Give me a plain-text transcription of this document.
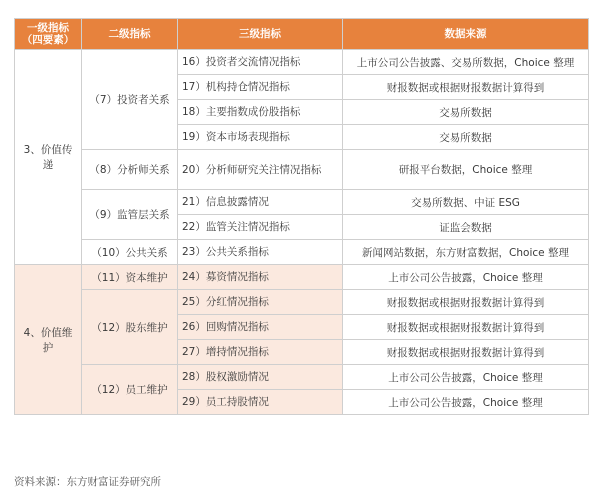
一级指标
（四要素）	二级指标	三级指标	数据来源
3、价值传递	（7）投资者关系	16）投资者交流情况指标	上市公司公告披露、交易所数据，Choice 整理
		17）机构持仓情况指标	财报数据或根据财报数据计算得到
		18）主要指数成份股指标	交易所数据
		19）资本市场表现指标	交易所数据
	（8）分析师关系	20）分析师研究关注情况指标	研报平台数据，Choice 整理
	（9）监管层关系	21）信息披露情况	交易所数据、中证 ESG
		22）监管关注情况指标	证监会数据
	（10）公共关系	23）公共关系指标	新闻网站数据，东方财富数据，Choice 整理
4、价值维护	（11）资本维护	24）募资情况指标	上市公司公告披露，Choice 整理
	（12）股东维护	25）分红情况指标	财报数据或根据财报数据计算得到
		26）回购情况指标	财报数据或根据财报数据计算得到
		27）增持情况指标	财报数据或根据财报数据计算得到
	（12）员工维护	28）股权激励情况	上市公司公告披露，Choice 整理
		29）员工持股情况	上市公司公告披露，Choice 整理
资料来源：东方财富证券研究所
